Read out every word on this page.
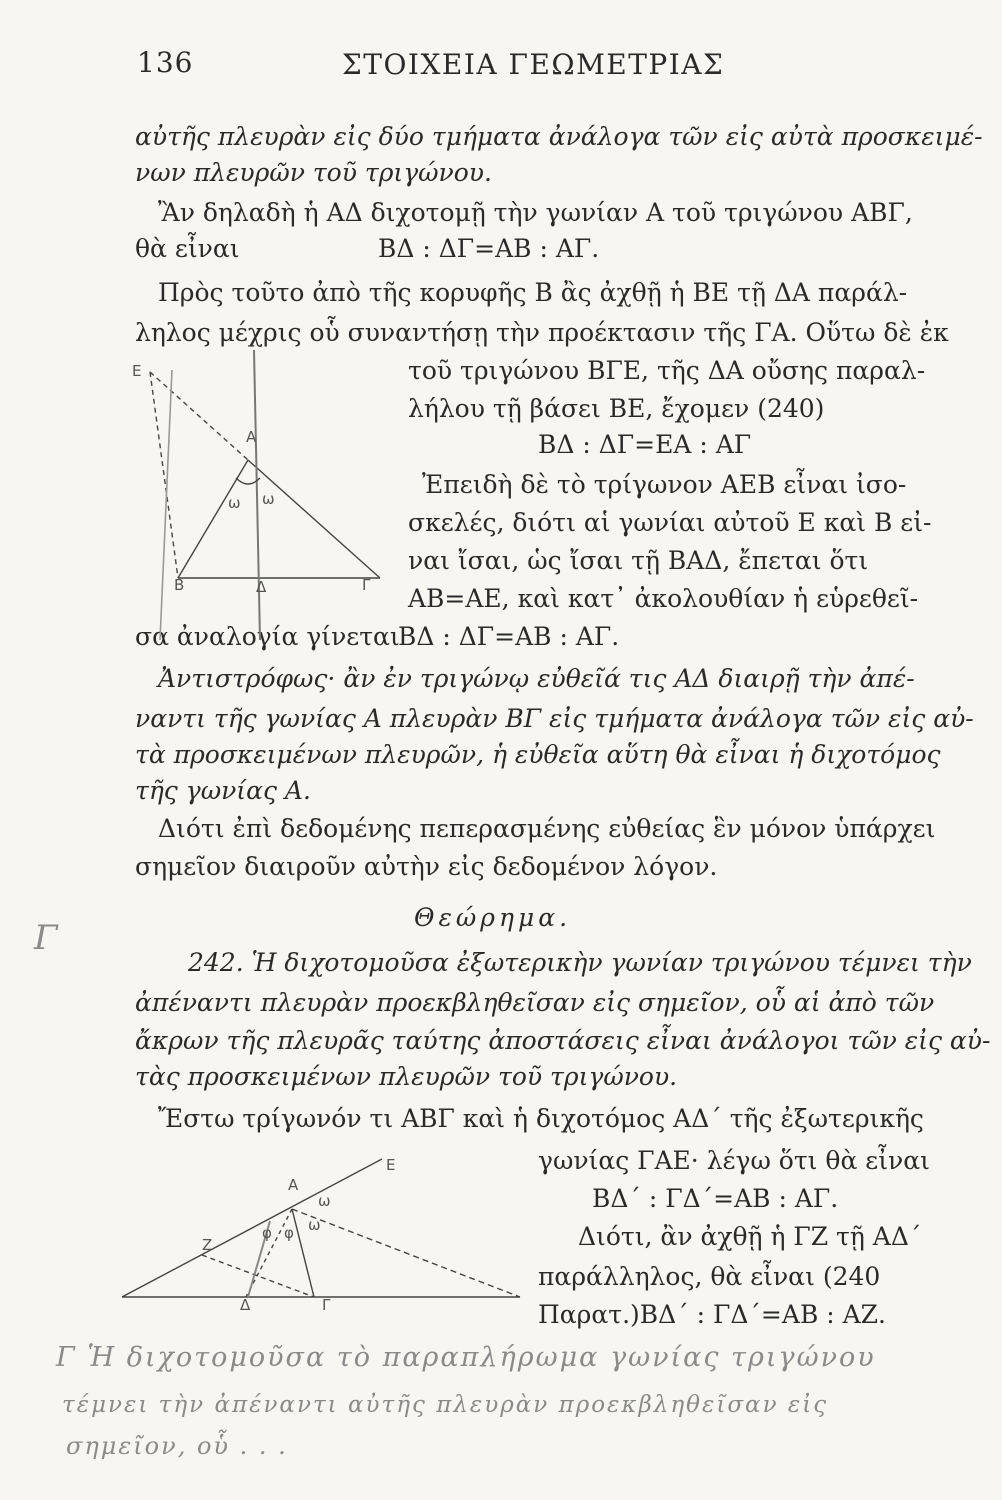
136	ΣΤΟΙΧΕΙΑ ΓΕΩΜΕΤΡΙΑΣ
αὐτῆς πλευρὰν εἰς δύο τμήματα ἀνάλογα τῶν εἰς αὐτὰ προσκειμέ-
νων πλευρῶν τοῦ τριγώνου.
Ἂν δηλαδὴ ἡ ΑΔ διχοτομῇ τὴν γωνίαν Α τοῦ τριγώνου ΑΒΓ,
θὰ εἶναι	ΒΔ : ΔΓ=ΑΒ : ΑΓ.
Πρὸς τοῦτο ἀπὸ τῆς κορυφῆς Β ἂς ἀχθῇ ἡ ΒΕ τῇ ΔΑ παράλ-
ληλος μέχρις οὗ συναντήσῃ τὴν προέκτασιν τῆς ΓΑ. Οὕτω δὲ ἐκ
τοῦ τριγώνου ΒΓΕ, τῆς ΔΑ οὔσης παραλ-
λήλου τῇ βάσει ΒΕ, ἔχομεν (240)
ΒΔ : ΔΓ=ΕΑ : ΑΓ
Ἐπειδὴ δὲ τὸ τρίγωνον ΑΕΒ εἶναι ἰσο-
σκελές, διότι αἱ γωνίαι αὐτοῦ Ε καὶ Β εἰ-
ναι ἴσαι, ὡς ἴσαι τῇ ΒΑΔ, ἔπεται ὅτι
ΑΒ=ΑΕ, καὶ κατ᾿ ἀκολουθίαν ἡ εὑρεθεῖ-
σα ἀναλογία γίνεται
ΒΔ : ΔΓ=ΑΒ : ΑΓ.
Ἀντιστρόφως· ἂν ἐν τριγώνῳ εὐθεῖά τις ΑΔ διαιρῇ τὴν ἀπέ-
ναντι τῆς γωνίας Α πλευρὰν ΒΓ εἰς τμήματα ἀνάλογα τῶν εἰς αὐ-
τὰ προσκειμένων πλευρῶν, ἡ εὐθεῖα αὕτη θὰ εἶναι ἡ διχοτόμος
τῆς γωνίας Α.
Διότι ἐπὶ δεδομένης πεπερασμένης εὐθείας ἓν μόνον ὑπάρχει
σημεῖον διαιροῦν αὐτὴν εἰς δεδομένον λόγον.
Θεώρημα.
242. Ἡ διχοτομοῦσα ἐξωτερικὴν γωνίαν τριγώνου τέμνει τὴν
ἀπέναντι πλευρὰν προεκβληθεῖσαν εἰς σημεῖον, οὗ αἱ ἀπὸ τῶν
ἄκρων τῆς πλευρᾶς ταύτης ἀποστάσεις εἶναι ἀνάλογοι τῶν εἰς αὐ-
τὰς προσκειμένων πλευρῶν τοῦ τριγώνου.
Ἔστω τρίγωνόν τι ΑΒΓ καὶ ἡ διχοτόμος ΑΔ΄ τῆς ἐξωτερικῆς
γωνίας ΓΑΕ· λέγω ὅτι θὰ εἶναι
ΒΔ΄ : ΓΔ΄=ΑΒ : ΑΓ.
Διότι, ἂν ἀχθῇ ἡ ΓΖ τῇ ΑΔ΄
παράλληλος, θὰ εἶναι (240
Παρατ.)ΒΔ΄ : ΓΔ΄=ΑΒ : ΑΖ.
Ε
Α
ω ω
Β	Δ	Γ
Ε
Α
ω
Ζ
φ φ ω
Δ	Γ
Γ
Γ Ἡ διχοτομοῦσα τὸ παραπλήρωμα γωνίας τριγώνου
τέμνει τὴν ἀπέναντι αὐτῆς πλευρὰν προεκβληθεῖσαν εἰς
σημεῖον, οὗ . . .
